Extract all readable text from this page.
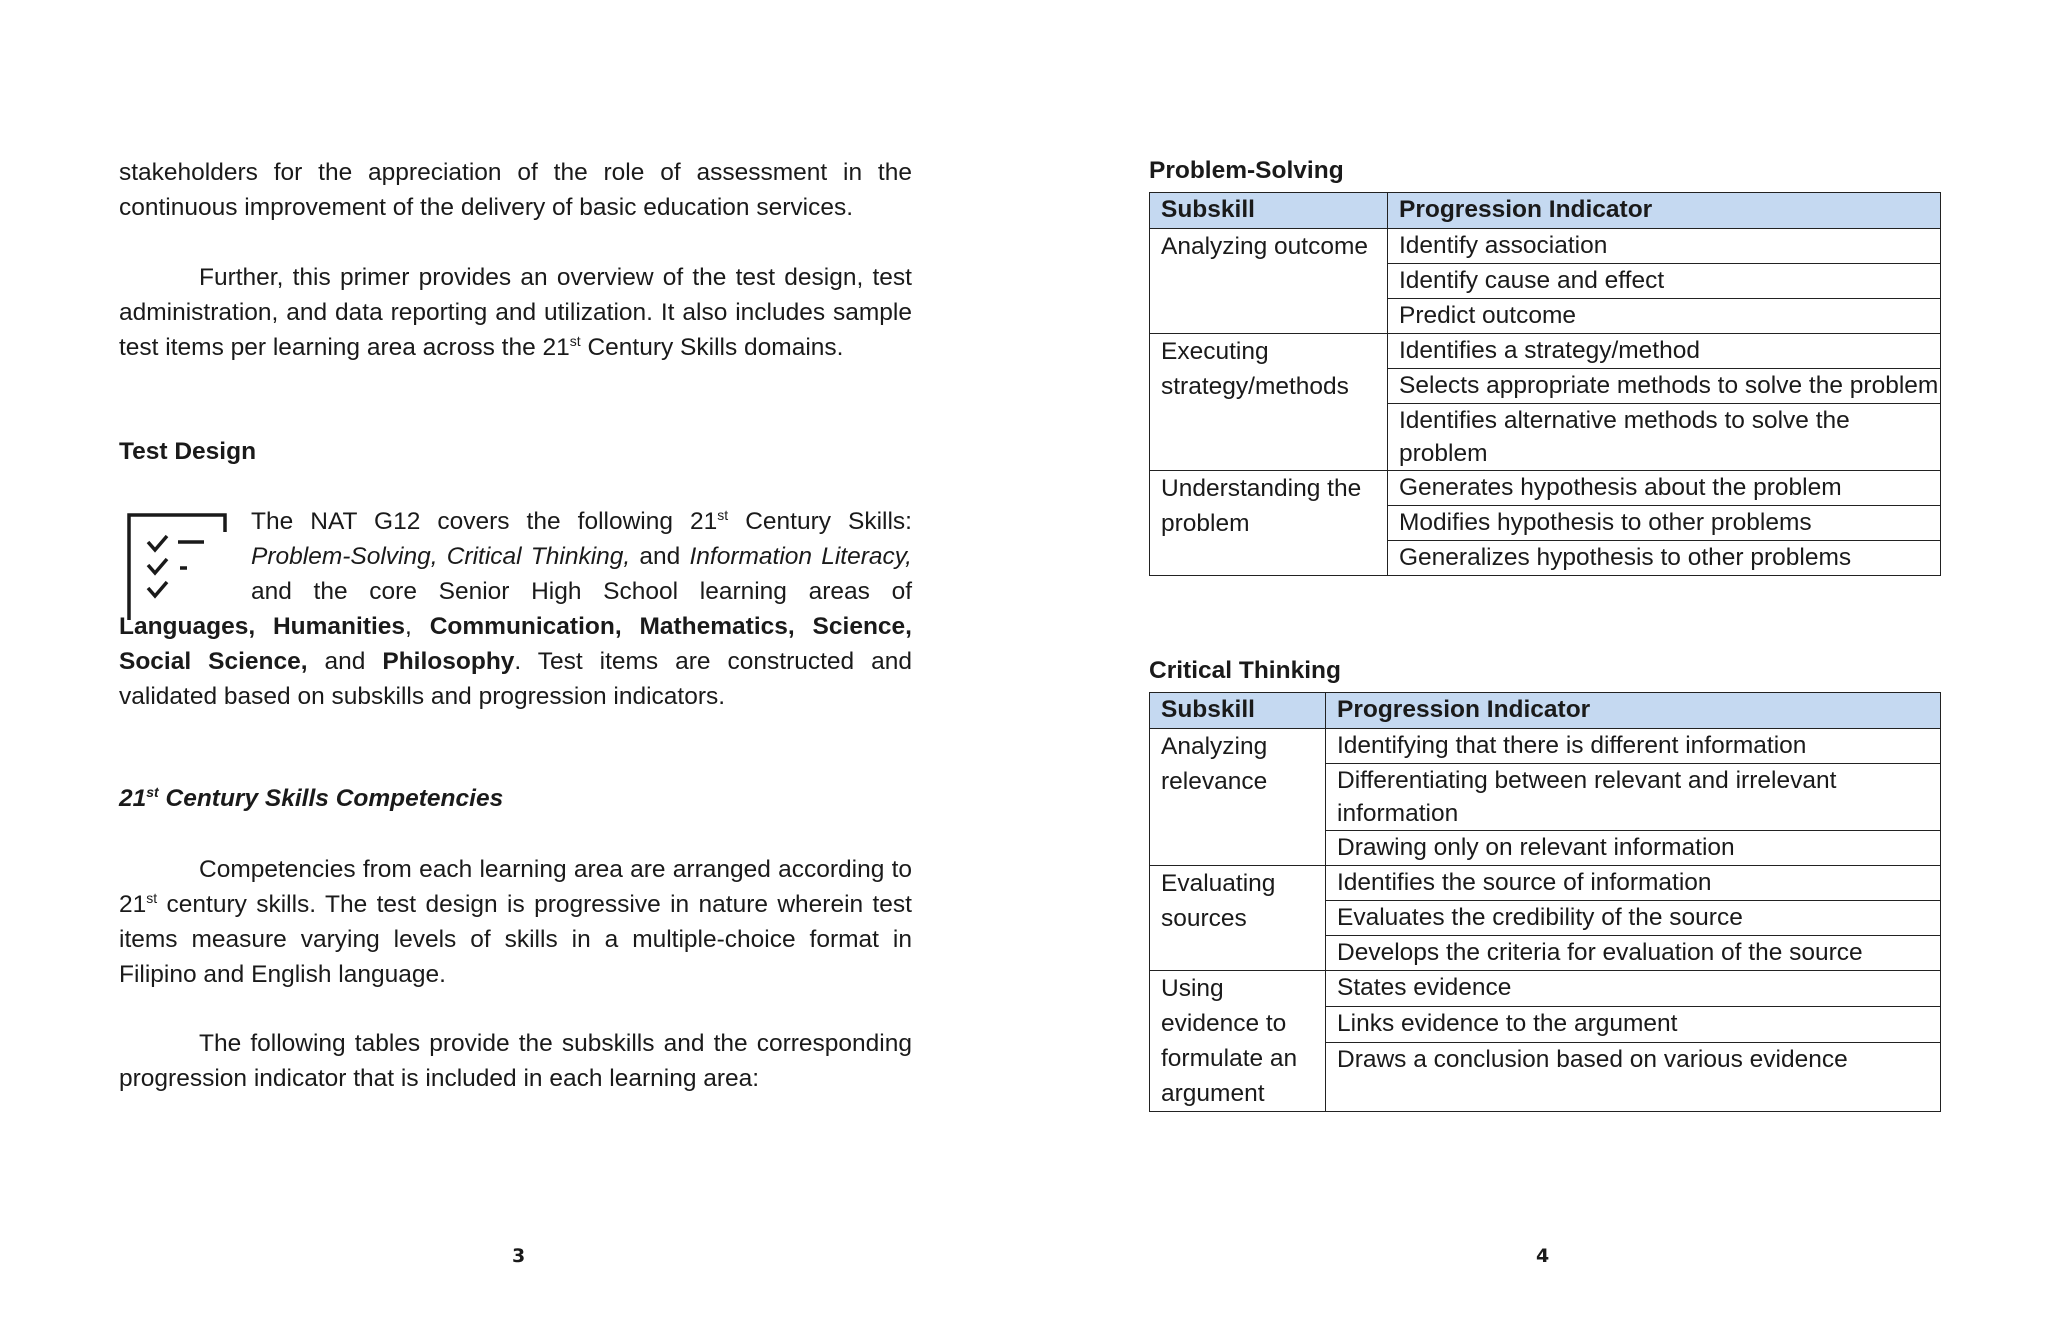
stakeholders for the appreciation of the role of assessment in the continuous improvement of the delivery of basic education services.

Further, this primer provides an overview of the test design, test administration, and data reporting and utilization. It also includes sample test items per learning area across the 21st Century Skills domains.

Test Design

The NAT G12 covers the following 21st Century Skills: Problem-Solving, Critical Thinking, and Information Literacy, and the core Senior High School learning areas of Languages, Humanities, Communication, Mathematics, Science, Social Science, and Philosophy. Test items are constructed and validated based on subskills and progression indicators.

21st Century Skills Competencies

Competencies from each learning area are arranged according to 21st century skills. The test design is progressive in nature wherein test items measure varying levels of skills in a multiple-choice format in Filipino and English language.

The following tables provide the subskills and the corresponding progression indicator that is included in each learning area:

3

Problem-Solving

Subskill	Progression Indicator
Analyzing outcome	Identify association
	Identify cause and effect
	Predict outcome
Executing strategy/methods	Identifies a strategy/method
	Selects appropriate methods to solve the problem
	Identifies alternative methods to solve the problem
Understanding the problem	Generates hypothesis about the problem
	Modifies hypothesis to other problems
	Generalizes hypothesis to other problems

Critical Thinking

Subskill	Progression Indicator
Analyzing relevance	Identifying that there is different information
	Differentiating between relevant and irrelevant information
	Drawing only on relevant information
Evaluating sources	Identifies the source of information
	Evaluates the credibility of the source
	Develops the criteria for evaluation of the source
Using evidence to formulate an argument	States evidence
	Links evidence to the argument
	Draws a conclusion based on various evidence
4
